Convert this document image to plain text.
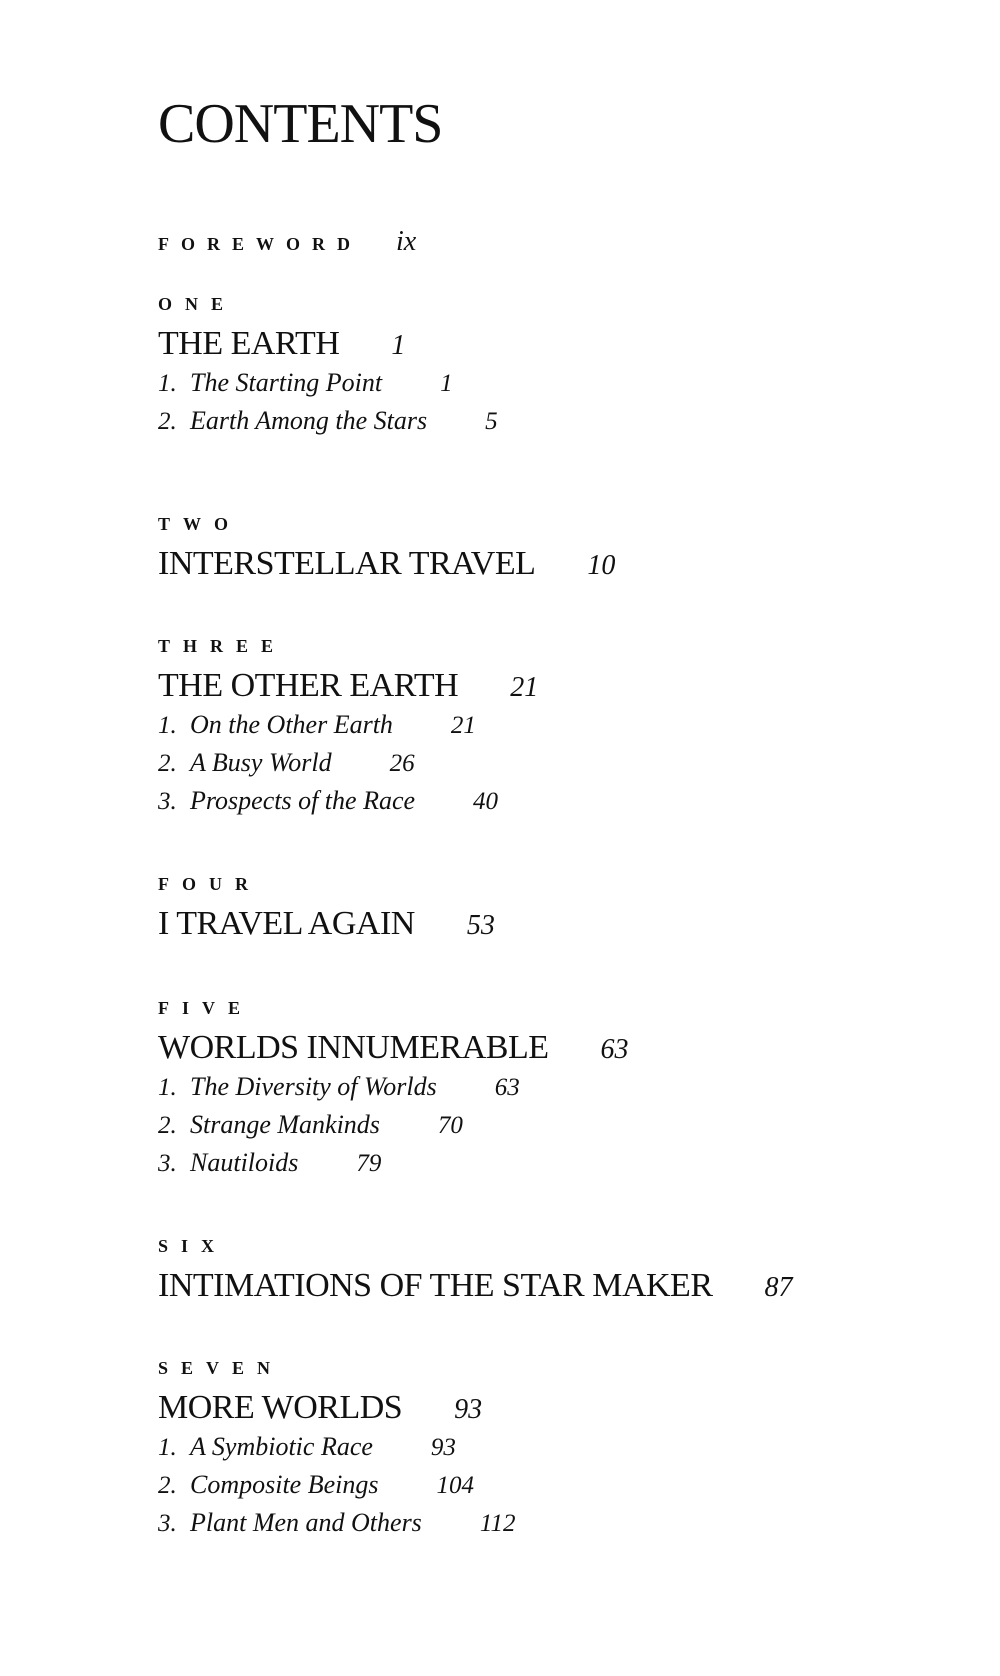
CONTENTS
FOREWORD ix
ONE
THE EARTH 1
1. The Starting Point 1
2. Earth Among the Stars 5
TWO
INTERSTELLAR TRAVEL 10
THREE
THE OTHER EARTH 21
1. On the Other Earth 21
2. A Busy World 26
3. Prospects of the Race 40
FOUR
I TRAVEL AGAIN 53
FIVE
WORLDS INNUMERABLE 63
1. The Diversity of Worlds 63
2. Strange Mankinds 70
3. Nautiloids 79
SIX
INTIMATIONS OF THE STAR MAKER 87
SEVEN
MORE WORLDS 93
1. A Symbiotic Race 93
2. Composite Beings 104
3. Plant Men and Others 112
